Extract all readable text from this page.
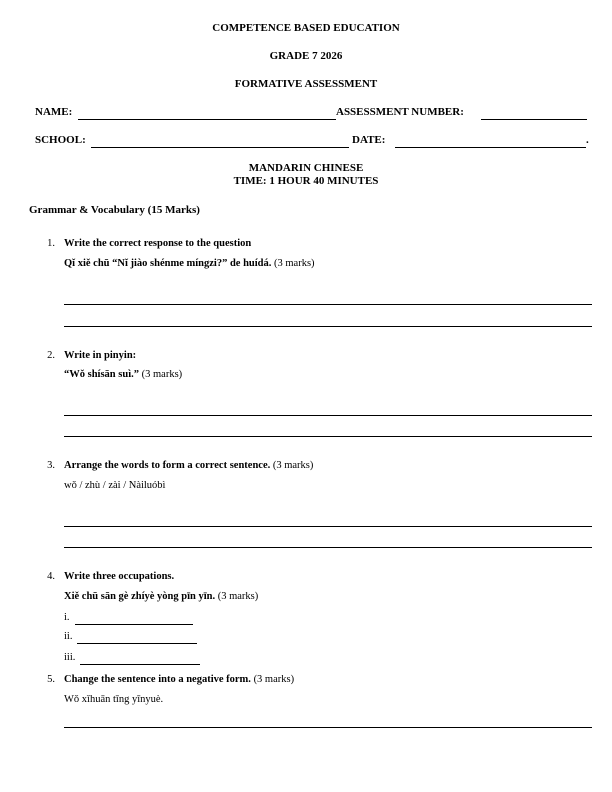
COMPETENCE BASED EDUCATION
GRADE 7 2026
FORMATIVE ASSESSMENT
NAME:	ASSESSMENT NUMBER:
SCHOOL:	DATE:	.
MANDARIN CHINESE
TIME: 1 HOUR 40 MINUTES
Grammar & Vocabulary (15 Marks)
1. Write the correct response to the question
Qǐ xiě chū “Nǐ jiào shénme míngzi?” de huídá. (3 marks)
2. Write in pinyin:
“Wǒ shísān suì.” (3 marks)
3. Arrange the words to form a correct sentence. (3 marks)
wǒ / zhù / zài / Nàiluóbì
4. Write three occupations.
Xiě chū sān gè zhíyè yòng pīn yīn. (3 marks)
i.
ii.
iii.
5. Change the sentence into a negative form. (3 marks)
Wǒ xǐhuān tīng yīnyuè.
